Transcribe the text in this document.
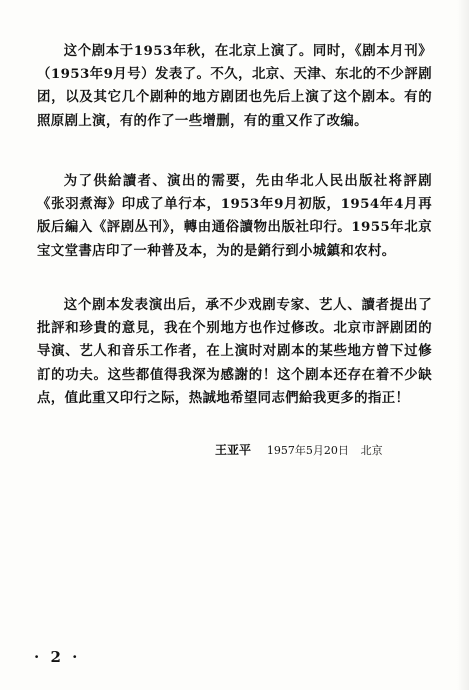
这个剧本于1953年秋，在北京上演了。同时，《剧本月刊》（1953年9月号）发表了。不久，北京、天津、东北的不少評剧团，以及其它几个剧种的地方剧团也先后上演了这个剧本。有的照原剧上演，有的作了一些增删，有的重又作了改编。

为了供給讀者、演出的需要，先由华北人民出版社将評剧《张羽煮海》印成了单行本，1953年9月初版，1954年4月再版后編入《評剧丛刊》，轉由通俗讀物出版社印行。1955年北京宝文堂書店印了一种普及本，为的是銷行到小城鎮和农村。

这个剧本发表演出后，承不少戏剧专家、艺人、讀者提出了批評和珍貴的意見，我在个别地方也作过修改。北京市評剧团的导演、艺人和音乐工作者，在上演时对剧本的某些地方曾下过修訂的功夫。这些都值得我深为感謝的！这个剧本还存在着不少缺点，值此重又印行之际，热誠地希望同志們給我更多的指正！

王亚平 1957年5月20日 北京
· 2 ·
